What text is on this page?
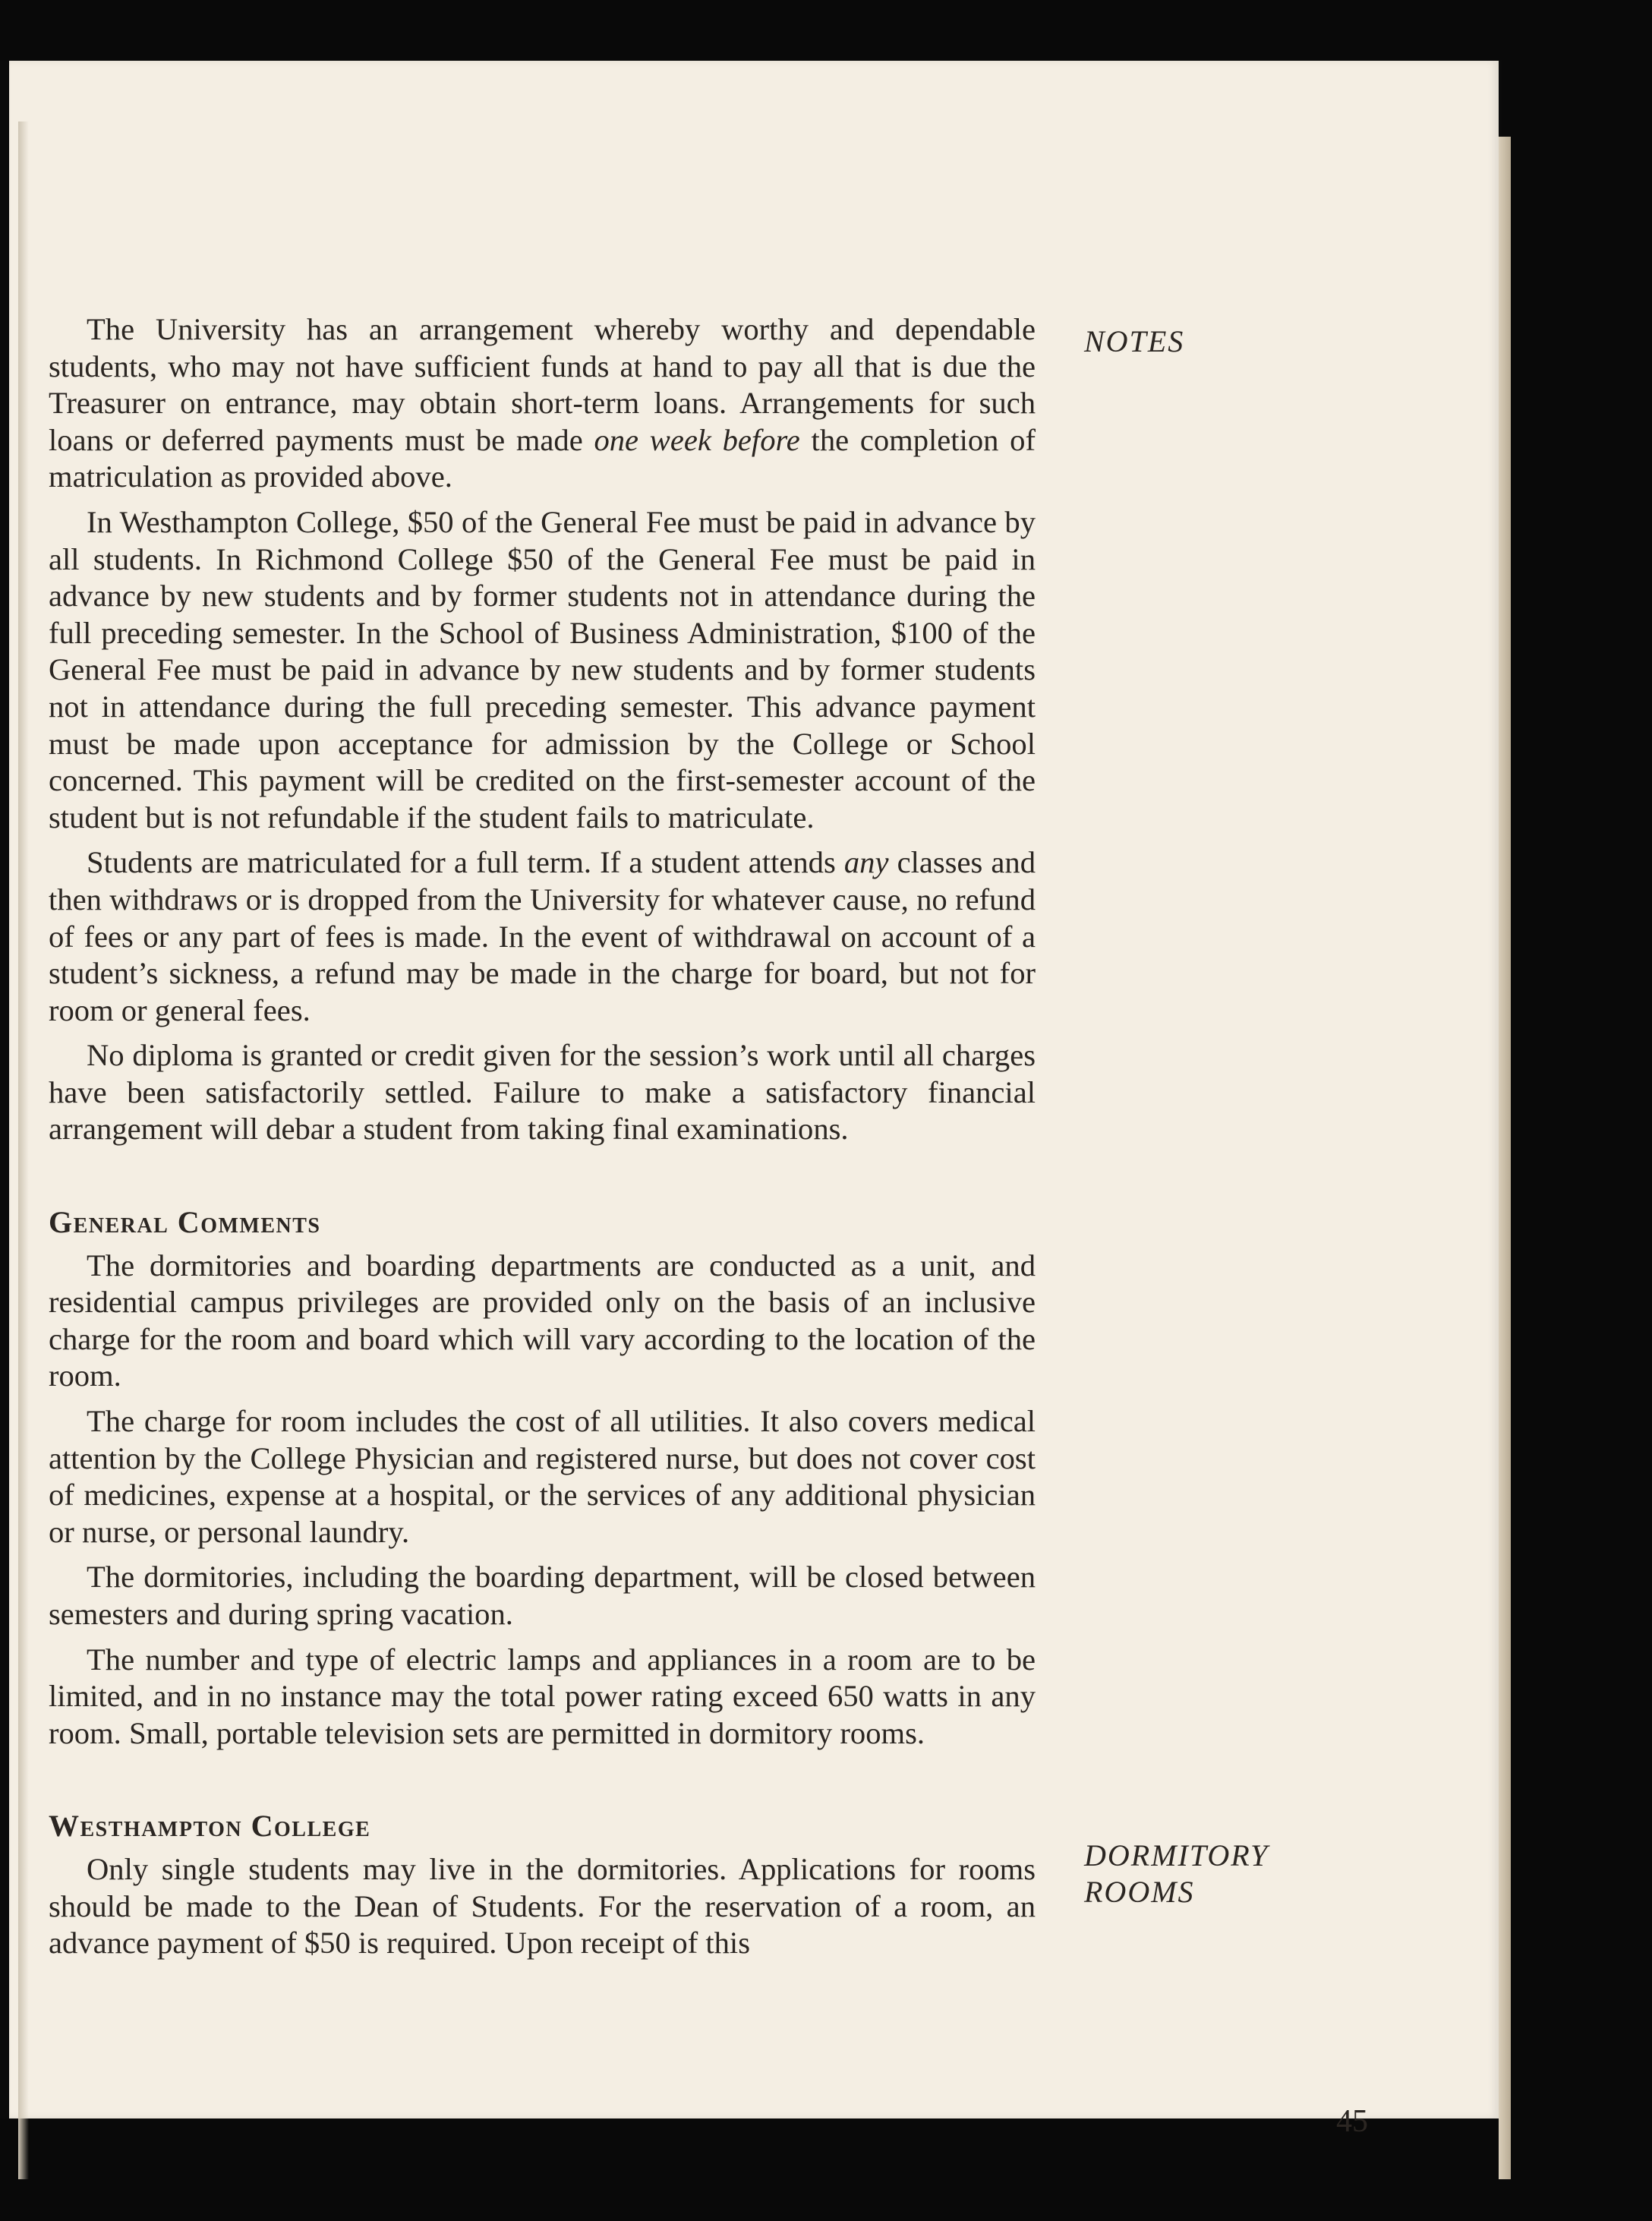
The University has an arrangement whereby worthy and dependable students, who may not have sufficient funds at hand to pay all that is due the Treasurer on entrance, may obtain short-term loans. Arrangements for such loans or deferred payments must be made one week before the completion of matriculation as provided above.

In Westhampton College, $50 of the General Fee must be paid in advance by all students. In Richmond College $50 of the General Fee must be paid in advance by new students and by former students not in attendance during the full preceding semester. In the School of Business Administration, $100 of the General Fee must be paid in advance by new students and by former students not in attendance during the full preceding semester. This advance payment must be made upon acceptance for admission by the College or School concerned. This payment will be credited on the first-semester account of the student but is not refundable if the student fails to matriculate.

Students are matriculated for a full term. If a student attends any classes and then withdraws or is dropped from the University for whatever cause, no refund of fees or any part of fees is made. In the event of withdrawal on account of a student’s sickness, a refund may be made in the charge for board, but not for room or general fees.

No diploma is granted or credit given for the session’s work until all charges have been satisfactorily settled. Failure to make a satisfactory financial arrangement will debar a student from taking final examinations.

General Comments

The dormitories and boarding departments are conducted as a unit, and residential campus privileges are provided only on the basis of an inclusive charge for the room and board which will vary according to the location of the room.

The charge for room includes the cost of all utilities. It also covers medical attention by the College Physician and registered nurse, but does not cover cost of medicines, expense at a hospital, or the services of any additional physician or nurse, or personal laundry.

The dormitories, including the boarding department, will be closed between semesters and during spring vacation.

The number and type of electric lamps and appliances in a room are to be limited, and in no instance may the total power rating exceed 650 watts in any room. Small, portable television sets are permitted in dormitory rooms.

Westhampton College

Only single students may live in the dormitories. Applications for rooms should be made to the Dean of Students. For the reservation of a room, an advance payment of $50 is required. Upon receipt of this

NOTES
DORMITORY
ROOMS
45
